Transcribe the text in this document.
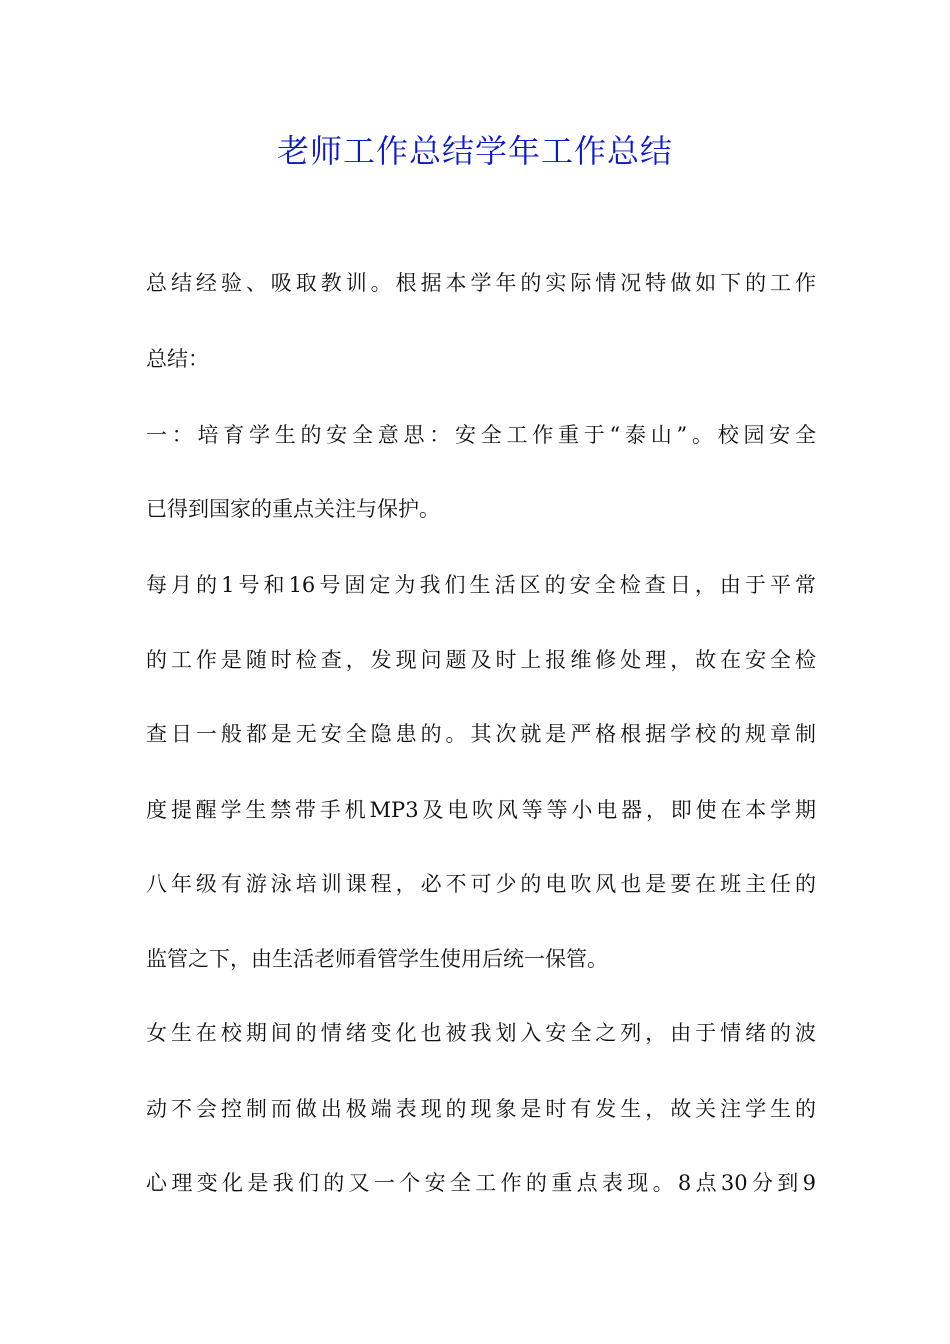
老师工作总结学年工作总结

总结经验、吸取教训。根据本学年的实际情况特做如下的工作

总结：

一：培育学生的安全意思：安全工作重于“泰山”。校园安全

已得到国家的重点关注与保护。

每月的1号和16号固定为我们生活区的安全检查日，由于平常

的工作是随时检查，发现问题及时上报维修处理，故在安全检

查日一般都是无安全隐患的。其次就是严格根据学校的规章制

度提醒学生禁带手机MP3及电吹风等等小电器，即使在本学期

八年级有游泳培训课程，必不可少的电吹风也是要在班主任的

监管之下，由生活老师看管学生使用后统一保管。

女生在校期间的情绪变化也被我划入安全之列，由于情绪的波

动不会控制而做出极端表现的现象是时有发生，故关注学生的

心理变化是我们的又一个安全工作的重点表现。8点30分到9
